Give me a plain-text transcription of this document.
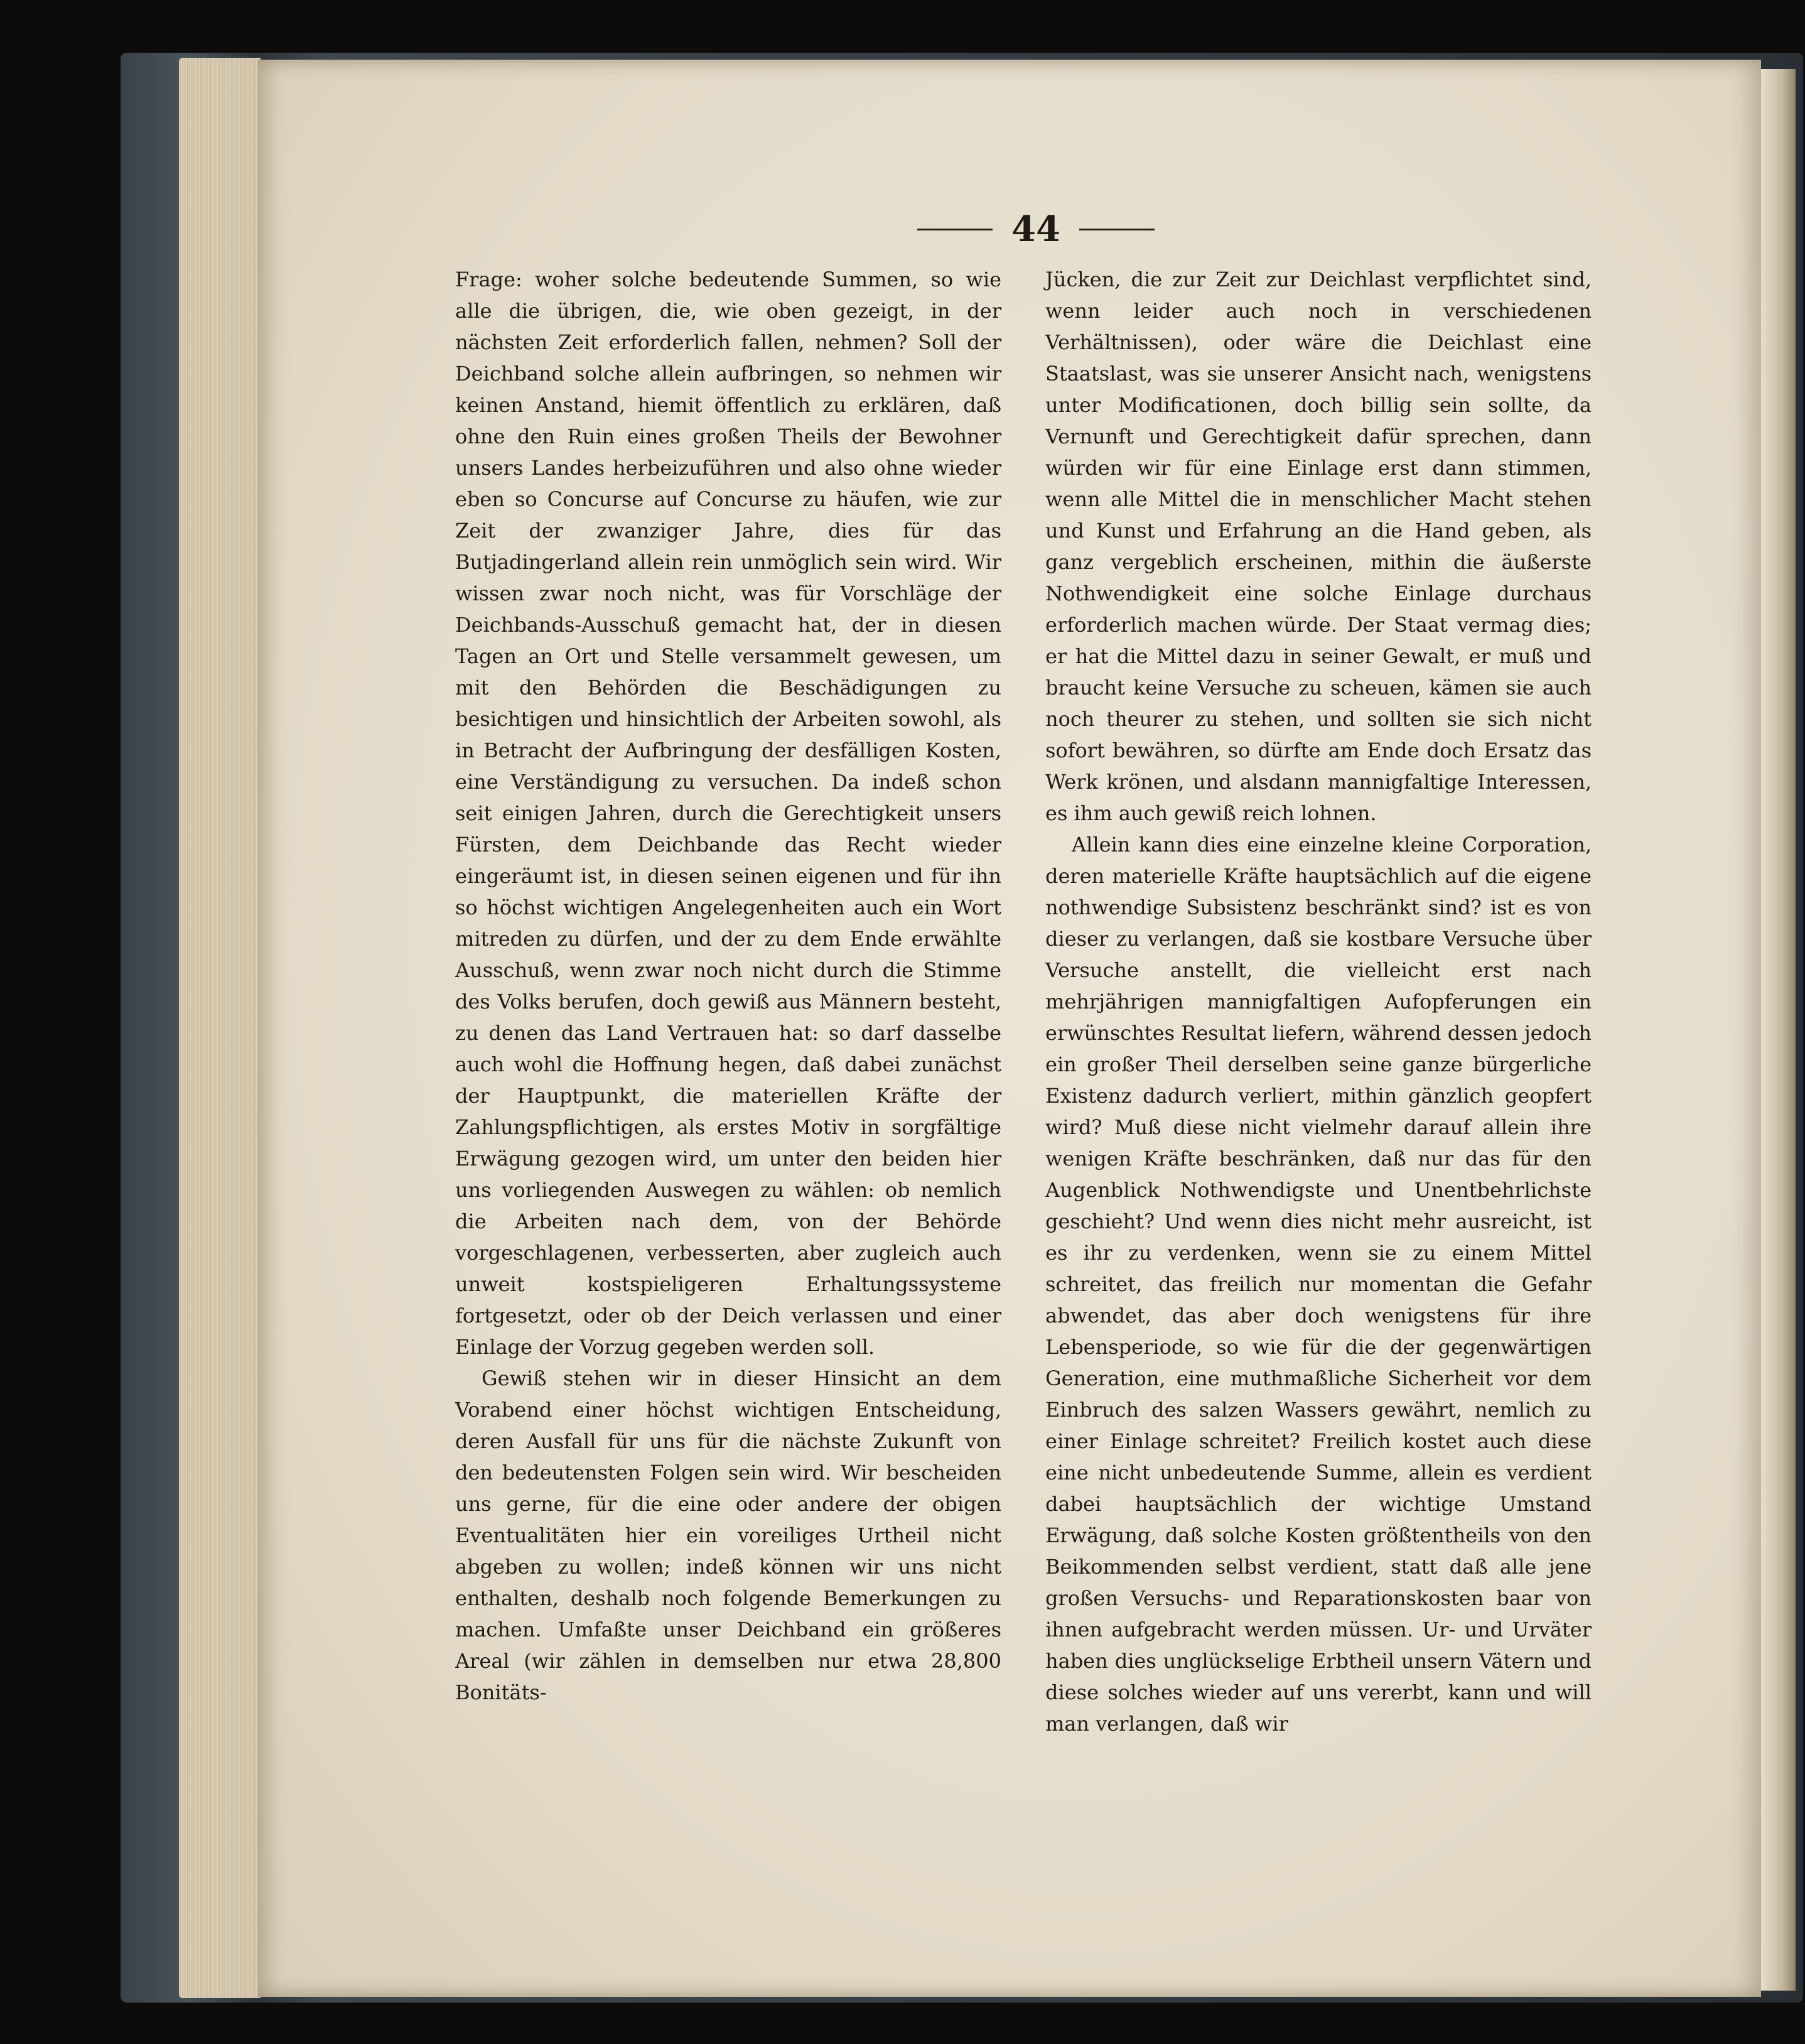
44

Frage: woher solche bedeutende Summen, so wie alle die übrigen, die, wie oben gezeigt, in der nächsten Zeit erforderlich fallen, nehmen? Soll der Deichband solche allein aufbringen, so nehmen wir keinen Anstand, hiemit öffentlich zu erklären, daß ohne den Ruin eines großen Theils der Bewohner unsers Landes herbeizuführen und also ohne wieder eben so Concurse auf Concurse zu häufen, wie zur Zeit der zwanziger Jahre, dies für das Butjadingerland allein rein unmöglich sein wird. Wir wissen zwar noch nicht, was für Vorschläge der Deichbands-Ausschuß gemacht hat, der in diesen Tagen an Ort und Stelle versammelt gewesen, um mit den Behörden die Beschädigungen zu besichtigen und hinsichtlich der Arbeiten sowohl, als in Betracht der Aufbringung der desfälligen Kosten, eine Verständigung zu versuchen. Da indeß schon seit einigen Jahren, durch die Gerechtigkeit unsers Fürsten, dem Deichbande das Recht wieder eingeräumt ist, in diesen seinen eigenen und für ihn so höchst wichtigen Angelegenheiten auch ein Wort mitreden zu dürfen, und der zu dem Ende erwählte Ausschuß, wenn zwar noch nicht durch die Stimme des Volks berufen, doch gewiß aus Männern besteht, zu denen das Land Vertrauen hat: so darf dasselbe auch wohl die Hoffnung hegen, daß dabei zunächst der Hauptpunkt, die materiellen Kräfte der Zahlungspflichtigen, als erstes Motiv in sorgfältige Erwägung gezogen wird, um unter den beiden hier uns vorliegenden Auswegen zu wählen: ob nemlich die Arbeiten nach dem, von der Behörde vorgeschlagenen, verbesserten, aber zugleich auch unweit kostspieligeren Erhaltungssysteme fortgesetzt, oder ob der Deich verlassen und einer Einlage der Vorzug gegeben werden soll.

Gewiß stehen wir in dieser Hinsicht an dem Vorabend einer höchst wichtigen Entscheidung, deren Ausfall für uns für die nächste Zukunft von den bedeutensten Folgen sein wird. Wir bescheiden uns gerne, für die eine oder andere der obigen Eventualitäten hier ein voreiliges Urtheil nicht abgeben zu wollen; indeß können wir uns nicht enthalten, deshalb noch folgende Bemerkungen zu machen. Umfaßte unser Deichband ein größeres Areal (wir zählen in demselben nur etwa 28,800 Bonitäts-

Jücken, die zur Zeit zur Deichlast verpflichtet sind, wenn leider auch noch in verschiedenen Verhältnissen), oder wäre die Deichlast eine Staatslast, was sie unserer Ansicht nach, wenigstens unter Modificationen, doch billig sein sollte, da Vernunft und Gerechtigkeit dafür sprechen, dann würden wir für eine Einlage erst dann stimmen, wenn alle Mittel die in menschlicher Macht stehen und Kunst und Erfahrung an die Hand geben, als ganz vergeblich erscheinen, mithin die äußerste Nothwendigkeit eine solche Einlage durchaus erforderlich machen würde. Der Staat vermag dies; er hat die Mittel dazu in seiner Gewalt, er muß und braucht keine Versuche zu scheuen, kämen sie auch noch theurer zu stehen, und sollten sie sich nicht sofort bewähren, so dürfte am Ende doch Ersatz das Werk krönen, und alsdann mannigfaltige Interessen, es ihm auch gewiß reich lohnen.

Allein kann dies eine einzelne kleine Corporation, deren materielle Kräfte hauptsächlich auf die eigene nothwendige Subsistenz beschränkt sind? ist es von dieser zu verlangen, daß sie kostbare Versuche über Versuche anstellt, die vielleicht erst nach mehrjährigen mannigfaltigen Aufopferungen ein erwünschtes Resultat liefern, während dessen jedoch ein großer Theil derselben seine ganze bürgerliche Existenz dadurch verliert, mithin gänzlich geopfert wird? Muß diese nicht vielmehr darauf allein ihre wenigen Kräfte beschränken, daß nur das für den Augenblick Nothwendigste und Unentbehrlichste geschieht? Und wenn dies nicht mehr ausreicht, ist es ihr zu verdenken, wenn sie zu einem Mittel schreitet, das freilich nur momentan die Gefahr abwendet, das aber doch wenigstens für ihre Lebensperiode, so wie für die der gegenwärtigen Generation, eine muthmaßliche Sicherheit vor dem Einbruch des salzen Wassers gewährt, nemlich zu einer Einlage schreitet? Freilich kostet auch diese eine nicht unbedeutende Summe, allein es verdient dabei hauptsächlich der wichtige Umstand Erwägung, daß solche Kosten größtentheils von den Beikommenden selbst verdient, statt daß alle jene großen Versuchs- und Reparationskosten baar von ihnen aufgebracht werden müssen. Ur- und Urväter haben dies unglückselige Erbtheil unsern Vätern und diese solches wieder auf uns vererbt, kann und will man verlangen, daß wir
